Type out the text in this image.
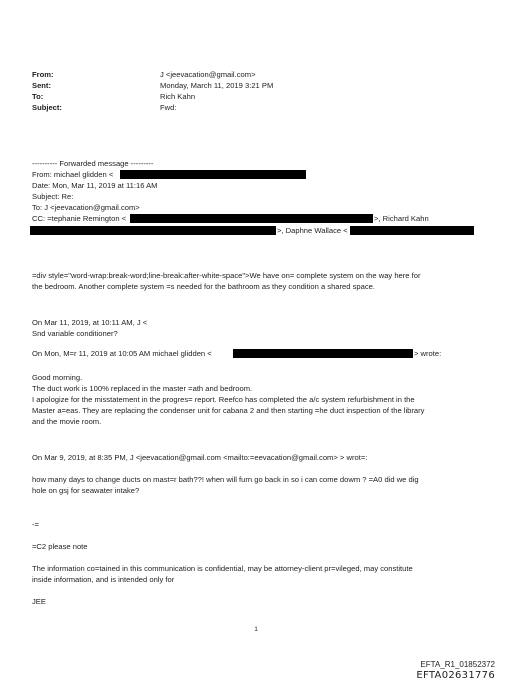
From:
Sent:
To:
Subject:
J <jeevacation@gmail.com>
Monday, March 11, 2019 3:21 PM
Rich Kahn
Fwd:
---------- Forwarded message ---------
From: michael glidden <
Date: Mon, Mar 11, 2019 at 11:16 AM
Subject: Re:
To: J <jeevacation@gmail.com>
CC: =tephanie Remington <	>, Richard Kahn
>, Daphne Wallace <
=div style="word-wrap:break-word;line-break:after-white-space">We have on= complete system on the way here for
the bedroom. Another complete system =s needed for the bathroom as they condition a shared space.
On Mar 11, 2019, at 10:11 AM, J <
Snd variable conditioner?
On Mon, M=r 11, 2019 at 10:05 AM michael glidden <	> wrote:
Good morning.
The duct work is 100% replaced in the master =ath and bedroom.
I apologize for the misstatement in the progres= report. Reefco has completed the a/c system refurbishment in the
Master a=eas. They are replacing the condenser unit for cabana 2 and then starting =he duct inspection of the library
and the movie room.
On Mar 9, 2019, at 8:35 PM, J <jeevacation@gmail.com <mailto:=eevacation@gmail.com> > wrot=:
how many days to change ducts on mast=r bath??! when will furn go back in so i can come dowm ? =A0 did we dig
hole on gsj for seawater intake?
-=
=C2 please note
The information co=tained in this communication is confidential, may be attorney-client pr=vileged, may constitute
inside information, and is intended only for
JEE
1
EFTA_R1_01852372
EFTA02631776
